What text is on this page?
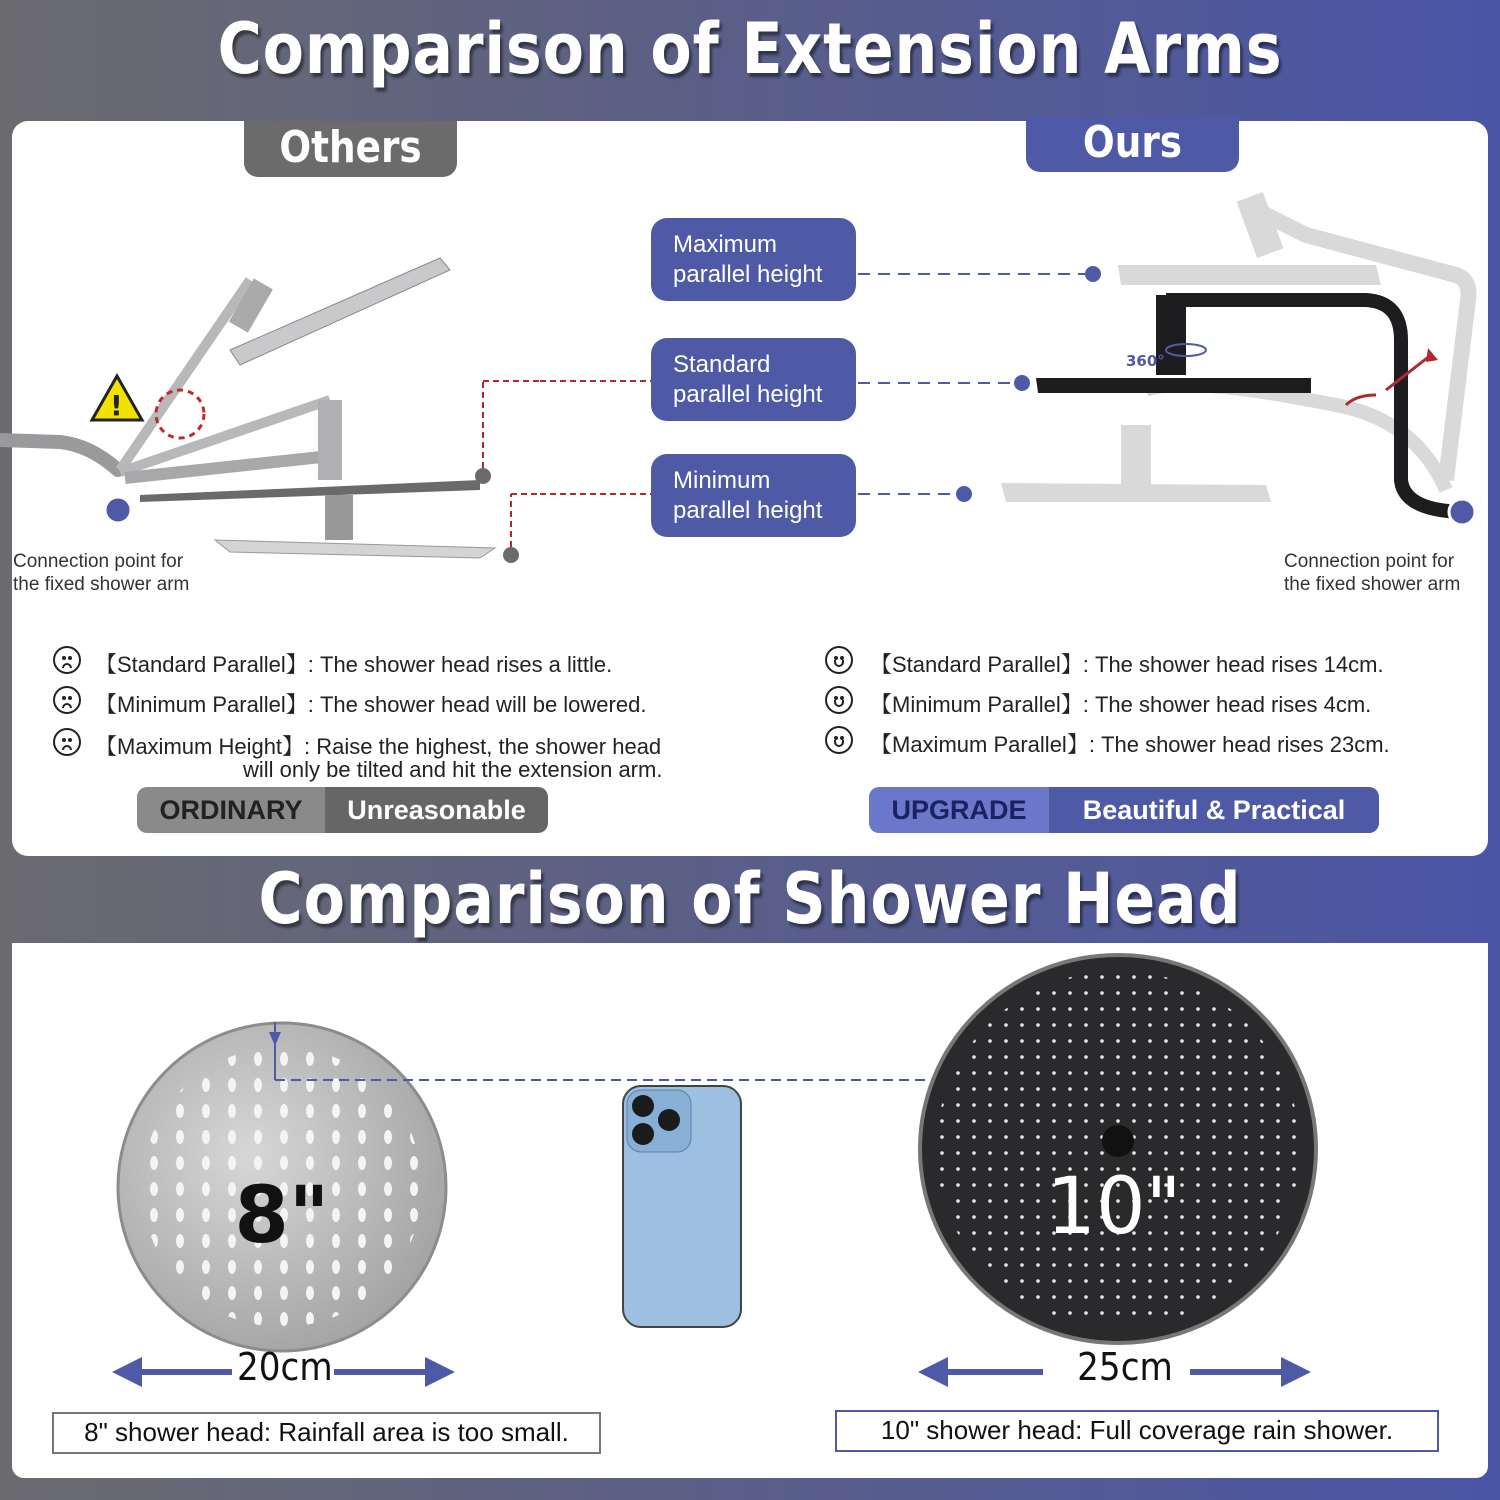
Comparison of Extension Arms
Others	Ours
!
Maximum
parallel height
Standard
parallel height
Minimum
parallel height
360°
Connection point for
the fixed shower arm
Connection point for
the fixed shower arm
【Standard Parallel】: The shower head rises a little.
【Minimum Parallel】: The shower head will be lowered.
【Maximum Height】: Raise the highest, the shower head
will only be tilted and hit the extension arm.
【Standard Parallel】: The shower head rises 14cm.
【Minimum Parallel】: The shower head rises 4cm.
【Maximum Parallel】: The shower head rises 23cm.
ORDINARY	Unreasonable	UPGRADE	Beautiful & Practical
Comparison of Shower Head
8"	10"
20cm	25cm
8" shower head: Rainfall area is too small.	10" shower head: Full coverage rain shower.
